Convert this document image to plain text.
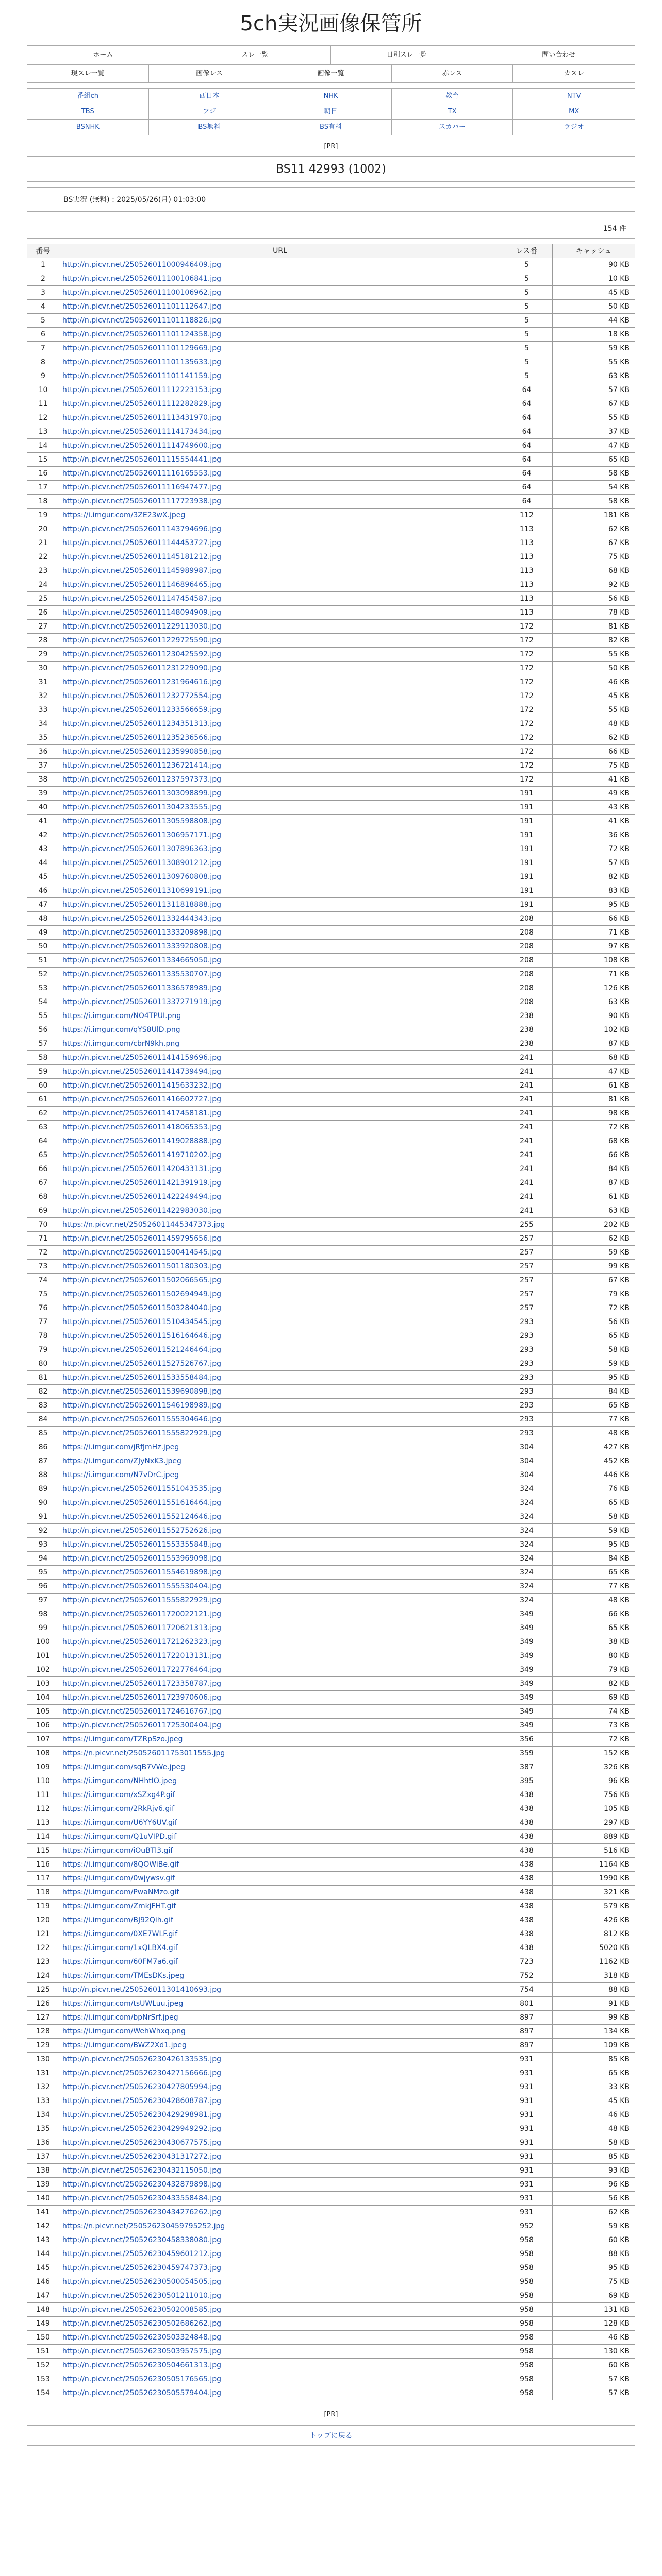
5ch実況画像保管所
ホーム	スレ一覧	日別スレ一覧	問い合わせ
現スレ一覧	画像レス	画像一覧	赤レス	カスレ
番組ch	西日本	NHK	教育	NTV
TBS	フジ	朝日	TX	MX
BSNHK	BS無料	BS有料	スカパー	ラジオ
[PR]
BS11 42993 (1002)
BS実況 (無料) : 2025/05/26(月) 01:03:00
154 件
番号	URL	レス番	キャッシュ
1	http://n.picvr.net/250526011000946409.jpg	5	90 KB
2	http://n.picvr.net/250526011100106841.jpg	5	10 KB
3	http://n.picvr.net/250526011100106962.jpg	5	45 KB
4	http://n.picvr.net/250526011101112647.jpg	5	50 KB
5	http://n.picvr.net/250526011101118826.jpg	5	44 KB
6	http://n.picvr.net/250526011101124358.jpg	5	18 KB
7	http://n.picvr.net/250526011101129669.jpg	5	59 KB
8	http://n.picvr.net/250526011101135633.jpg	5	55 KB
9	http://n.picvr.net/250526011101141159.jpg	5	63 KB
10	http://n.picvr.net/250526011112223153.jpg	64	57 KB
11	http://n.picvr.net/250526011112282829.jpg	64	67 KB
12	http://n.picvr.net/250526011113431970.jpg	64	55 KB
13	http://n.picvr.net/250526011114173434.jpg	64	37 KB
14	http://n.picvr.net/250526011114749600.jpg	64	47 KB
15	http://n.picvr.net/250526011115554441.jpg	64	65 KB
16	http://n.picvr.net/250526011116165553.jpg	64	58 KB
17	http://n.picvr.net/250526011116947477.jpg	64	54 KB
18	http://n.picvr.net/250526011117723938.jpg	64	58 KB
19	https://i.imgur.com/3ZE23wX.jpeg	112	181 KB
20	http://n.picvr.net/250526011143794696.jpg	113	62 KB
21	http://n.picvr.net/250526011144453727.jpg	113	67 KB
22	http://n.picvr.net/250526011145181212.jpg	113	75 KB
23	http://n.picvr.net/250526011145989987.jpg	113	68 KB
24	http://n.picvr.net/250526011146896465.jpg	113	92 KB
25	http://n.picvr.net/250526011147454587.jpg	113	56 KB
26	http://n.picvr.net/250526011148094909.jpg	113	78 KB
27	http://n.picvr.net/250526011229113030.jpg	172	81 KB
28	http://n.picvr.net/250526011229725590.jpg	172	82 KB
29	http://n.picvr.net/250526011230425592.jpg	172	55 KB
30	http://n.picvr.net/250526011231229090.jpg	172	50 KB
31	http://n.picvr.net/250526011231964616.jpg	172	46 KB
32	http://n.picvr.net/250526011232772554.jpg	172	45 KB
33	http://n.picvr.net/250526011233566659.jpg	172	55 KB
34	http://n.picvr.net/250526011234351313.jpg	172	48 KB
35	http://n.picvr.net/250526011235236566.jpg	172	62 KB
36	http://n.picvr.net/250526011235990858.jpg	172	66 KB
37	http://n.picvr.net/250526011236721414.jpg	172	75 KB
38	http://n.picvr.net/250526011237597373.jpg	172	41 KB
39	http://n.picvr.net/250526011303098899.jpg	191	49 KB
40	http://n.picvr.net/250526011304233555.jpg	191	43 KB
41	http://n.picvr.net/250526011305598808.jpg	191	41 KB
42	http://n.picvr.net/250526011306957171.jpg	191	36 KB
43	http://n.picvr.net/250526011307896363.jpg	191	72 KB
44	http://n.picvr.net/250526011308901212.jpg	191	57 KB
45	http://n.picvr.net/250526011309760808.jpg	191	82 KB
46	http://n.picvr.net/250526011310699191.jpg	191	83 KB
47	http://n.picvr.net/250526011311818888.jpg	191	95 KB
48	http://n.picvr.net/250526011332444343.jpg	208	66 KB
49	http://n.picvr.net/250526011333209898.jpg	208	71 KB
50	http://n.picvr.net/250526011333920808.jpg	208	97 KB
51	http://n.picvr.net/250526011334665050.jpg	208	108 KB
52	http://n.picvr.net/250526011335530707.jpg	208	71 KB
53	http://n.picvr.net/250526011336578989.jpg	208	126 KB
54	http://n.picvr.net/250526011337271919.jpg	208	63 KB
55	https://i.imgur.com/NO4TPUI.png	238	90 KB
56	https://i.imgur.com/qYS8UlD.png	238	102 KB
57	https://i.imgur.com/cbrN9kh.png	238	87 KB
58	http://n.picvr.net/250526011414159696.jpg	241	68 KB
59	http://n.picvr.net/250526011414739494.jpg	241	47 KB
60	http://n.picvr.net/250526011415633232.jpg	241	61 KB
61	http://n.picvr.net/250526011416602727.jpg	241	81 KB
62	http://n.picvr.net/250526011417458181.jpg	241	98 KB
63	http://n.picvr.net/250526011418065353.jpg	241	72 KB
64	http://n.picvr.net/250526011419028888.jpg	241	68 KB
65	http://n.picvr.net/250526011419710202.jpg	241	66 KB
66	http://n.picvr.net/250526011420433131.jpg	241	84 KB
67	http://n.picvr.net/250526011421391919.jpg	241	87 KB
68	http://n.picvr.net/250526011422249494.jpg	241	61 KB
69	http://n.picvr.net/250526011422983030.jpg	241	63 KB
70	https://n.picvr.net/250526011445347373.jpg	255	202 KB
71	http://n.picvr.net/250526011459795656.jpg	257	62 KB
72	http://n.picvr.net/250526011500414545.jpg	257	59 KB
73	http://n.picvr.net/250526011501180303.jpg	257	99 KB
74	http://n.picvr.net/250526011502066565.jpg	257	67 KB
75	http://n.picvr.net/250526011502694949.jpg	257	79 KB
76	http://n.picvr.net/250526011503284040.jpg	257	72 KB
77	http://n.picvr.net/250526011510434545.jpg	293	56 KB
78	http://n.picvr.net/250526011516164646.jpg	293	65 KB
79	http://n.picvr.net/250526011521246464.jpg	293	58 KB
80	http://n.picvr.net/250526011527526767.jpg	293	59 KB
81	http://n.picvr.net/250526011533558484.jpg	293	95 KB
82	http://n.picvr.net/250526011539690898.jpg	293	84 KB
83	http://n.picvr.net/250526011546198989.jpg	293	65 KB
84	http://n.picvr.net/250526011555304646.jpg	293	77 KB
85	http://n.picvr.net/250526011555822929.jpg	293	48 KB
86	https://i.imgur.com/jRfJmHz.jpeg	304	427 KB
87	https://i.imgur.com/ZJyNxK3.jpeg	304	452 KB
88	https://i.imgur.com/N7vDrC.jpeg	304	446 KB
89	http://n.picvr.net/250526011551043535.jpg	324	76 KB
90	http://n.picvr.net/250526011551616464.jpg	324	65 KB
91	http://n.picvr.net/250526011552124646.jpg	324	58 KB
92	http://n.picvr.net/250526011552752626.jpg	324	59 KB
93	http://n.picvr.net/250526011553355848.jpg	324	95 KB
94	http://n.picvr.net/250526011553969098.jpg	324	84 KB
95	http://n.picvr.net/250526011554619898.jpg	324	65 KB
96	http://n.picvr.net/250526011555530404.jpg	324	77 KB
97	http://n.picvr.net/250526011555822929.jpg	324	48 KB
98	http://n.picvr.net/250526011720022121.jpg	349	66 KB
99	http://n.picvr.net/250526011720621313.jpg	349	65 KB
100	http://n.picvr.net/250526011721262323.jpg	349	38 KB
101	http://n.picvr.net/250526011722013131.jpg	349	80 KB
102	http://n.picvr.net/250526011722776464.jpg	349	79 KB
103	http://n.picvr.net/250526011723358787.jpg	349	82 KB
104	http://n.picvr.net/250526011723970606.jpg	349	69 KB
105	http://n.picvr.net/250526011724616767.jpg	349	74 KB
106	http://n.picvr.net/250526011725300404.jpg	349	73 KB
107	https://i.imgur.com/TZRpSzo.jpeg	356	72 KB
108	https://n.picvr.net/250526011753011555.jpg	359	152 KB
109	https://i.imgur.com/sqB7VWe.jpeg	387	326 KB
110	https://i.imgur.com/NHhtIO.jpeg	395	96 KB
111	https://i.imgur.com/xSZxg4P.gif	438	756 KB
112	https://i.imgur.com/2RkRjv6.gif	438	105 KB
113	https://i.imgur.com/U6YY6UV.gif	438	297 KB
114	https://i.imgur.com/Q1uVIPD.gif	438	889 KB
115	https://i.imgur.com/iOuBTl3.gif	438	516 KB
116	https://i.imgur.com/8QOWiBe.gif	438	1164 KB
117	https://i.imgur.com/0wjywsv.gif	438	1990 KB
118	https://i.imgur.com/PwaNMzo.gif	438	321 KB
119	https://i.imgur.com/ZmkjFHT.gif	438	579 KB
120	https://i.imgur.com/BJ92Qih.gif	438	426 KB
121	https://i.imgur.com/0XE7WLF.gif	438	812 KB
122	https://i.imgur.com/1xQLBX4.gif	438	5020 KB
123	https://i.imgur.com/60FM7a6.gif	723	1162 KB
124	https://i.imgur.com/TMEsDKs.jpeg	752	318 KB
125	http://n.picvr.net/250526011301410693.jpg	754	88 KB
126	https://i.imgur.com/tsUWLuu.jpeg	801	91 KB
127	https://i.imgur.com/bpNrSrf.jpeg	897	99 KB
128	https://i.imgur.com/WehWhxq.png	897	134 KB
129	https://i.imgur.com/BWZ2Xd1.jpeg	897	109 KB
130	http://n.picvr.net/250526230426133535.jpg	931	85 KB
131	http://n.picvr.net/250526230427156666.jpg	931	65 KB
132	http://n.picvr.net/250526230427805994.jpg	931	33 KB
133	http://n.picvr.net/250526230428608787.jpg	931	45 KB
134	http://n.picvr.net/250526230429298981.jpg	931	46 KB
135	http://n.picvr.net/250526230429949292.jpg	931	48 KB
136	http://n.picvr.net/250526230430677575.jpg	931	58 KB
137	http://n.picvr.net/250526230431317272.jpg	931	85 KB
138	http://n.picvr.net/250526230432115050.jpg	931	93 KB
139	http://n.picvr.net/250526230432879898.jpg	931	96 KB
140	http://n.picvr.net/250526230433558484.jpg	931	56 KB
141	http://n.picvr.net/250526230434276262.jpg	931	62 KB
142	https://n.picvr.net/250526230459795252.jpg	952	59 KB
143	http://n.picvr.net/250526230458338080.jpg	958	60 KB
144	http://n.picvr.net/250526230459601212.jpg	958	88 KB
145	http://n.picvr.net/250526230459747373.jpg	958	95 KB
146	http://n.picvr.net/250526230500054505.jpg	958	75 KB
147	http://n.picvr.net/250526230501211010.jpg	958	69 KB
148	http://n.picvr.net/250526230502008585.jpg	958	131 KB
149	http://n.picvr.net/250526230502686262.jpg	958	128 KB
150	http://n.picvr.net/250526230503324848.jpg	958	46 KB
151	http://n.picvr.net/250526230503957575.jpg	958	130 KB
152	http://n.picvr.net/250526230504661313.jpg	958	60 KB
153	http://n.picvr.net/250526230505176565.jpg	958	57 KB
154	http://n.picvr.net/250526230505579404.jpg	958	57 KB
[PR]
トップに戻る
